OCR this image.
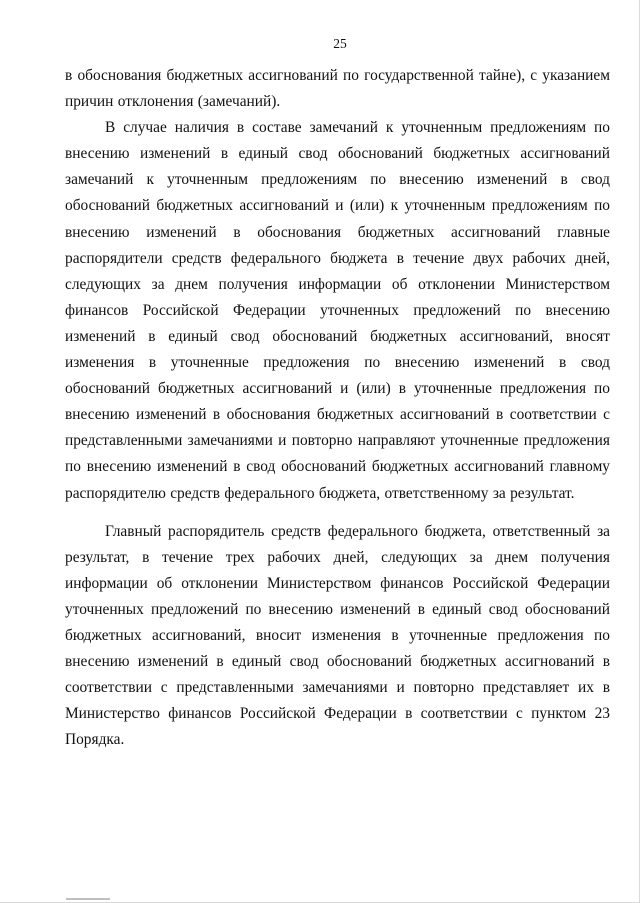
25

в обоснования бюджетных ассигнований по государственной тайне), с указанием причин отклонения (замечаний).

В случае наличия в составе замечаний к уточненным предложениям по внесению изменений в единый свод обоснований бюджетных ассигнований замечаний к уточненным предложениям по внесению изменений в свод обоснований бюджетных ассигнований и (или) к уточненным предложениям по внесению изменений в обоснования бюджетных ассигнований главные распорядители средств федерального бюджета в течение двух рабочих дней, следующих за днем получения информации об отклонении Министерством финансов Российской Федерации уточненных предложений по внесению изменений в единый свод обоснований бюджетных ассигнований, вносят изменения в уточненные предложения по внесению изменений в свод обоснований бюджетных ассигнований и (или) в уточненные предложения по внесению изменений в обоснования бюджетных ассигнований в соответствии с представленными замечаниями и повторно направляют уточненные предложения по внесению изменений в свод обоснований бюджетных ассигнований главному распорядителю средств федерального бюджета, ответственному за результат.

Главный распорядитель средств федерального бюджета, ответственный за результат, в течение трех рабочих дней, следующих за днем получения информации об отклонении Министерством финансов Российской Федерации уточненных предложений по внесению изменений в единый свод обоснований бюджетных ассигнований, вносит изменения в уточненные предложения по внесению изменений в единый свод обоснований бюджетных ассигнований в соответствии с представленными замечаниями и повторно представляет их в Министерство финансов Российской Федерации в соответствии с пунктом 23 Порядка.
